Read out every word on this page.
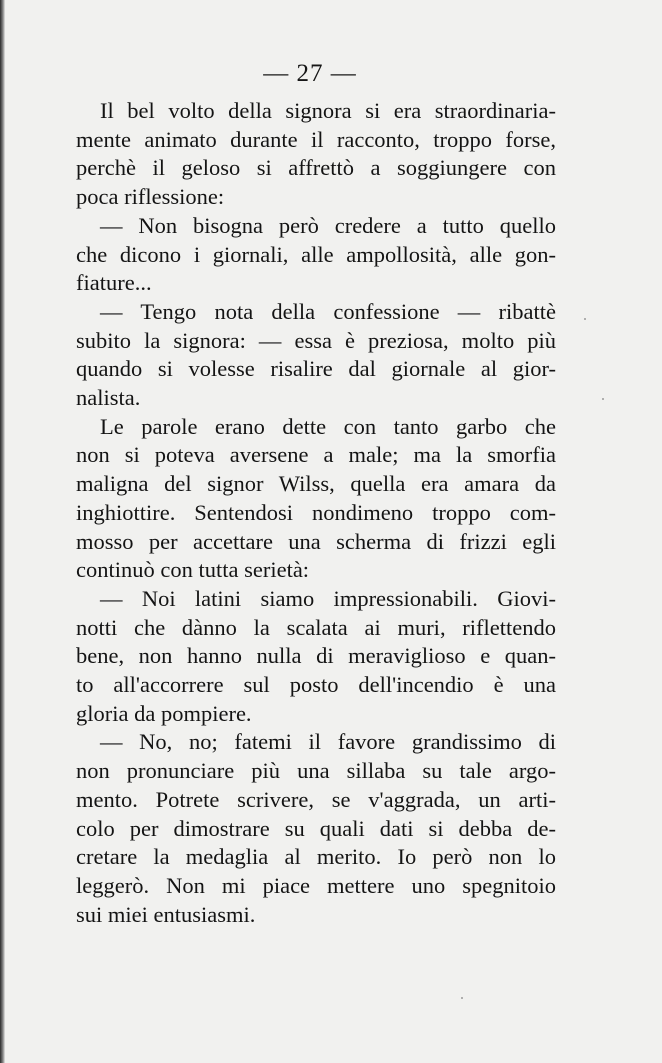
— 27 —

Il bel volto della signora si era straordinaria-
mente animato durante il racconto, troppo forse,
perchè il geloso si affrettò a soggiungere con
poca riflessione:

— Non bisogna però credere a tutto quello
che dicono i giornali, alle ampollosità, alle gon-
fiature...

— Tengo nota della confessione — ribattè
subito la signora: — essa è preziosa, molto più
quando si volesse risalire dal giornale al gior-
nalista.

Le parole erano dette con tanto garbo che
non si poteva aversene a male; ma la smorfia
maligna del signor Wilss, quella era amara da
inghiottire. Sentendosi nondimeno troppo com-
mosso per accettare una scherma di frizzi egli
continuò con tutta serietà:

— Noi latini siamo impressionabili. Giovi-
notti che dànno la scalata ai muri, riflettendo
bene, non hanno nulla di meraviglioso e quan-
to all'accorrere sul posto dell'incendio è una
gloria da pompiere.

— No, no; fatemi il favore grandissimo di
non pronunciare più una sillaba su tale argo-
mento. Potrete scrivere, se v'aggrada, un arti-
colo per dimostrare su quali dati si debba de-
cretare la medaglia al merito. Io però non lo
leggerò. Non mi piace mettere uno spegnitoio
sui miei entusiasmi.
